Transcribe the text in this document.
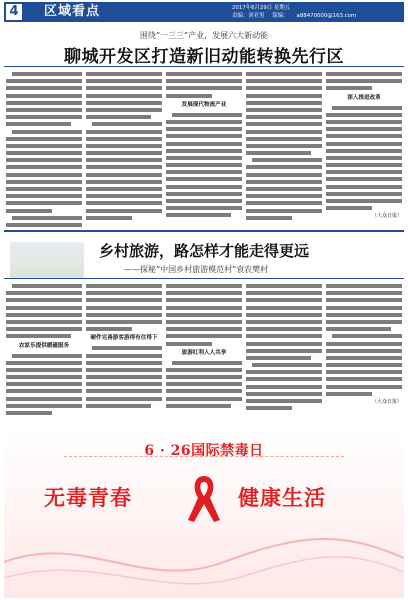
4 区域看点	2017年6月29日 星期五
责编：刘亚男 版编： a88470000@163.com
围绕“一三三”产业，发展六大新动能
聊城开发区打造新旧动能转换先行区
发展现代物流产业
深入推进改革
（大众日报）
乡村旅游，路怎样才能走得更远
——探秘“中国乡村旅游模范村”袁农樊村
农家乐提供暖磁服务
硬件完善游客游得有住得下
旅游红利人人共享
（大众日报）
6 · 26国际禁毒日
无毒青春	健康生活
